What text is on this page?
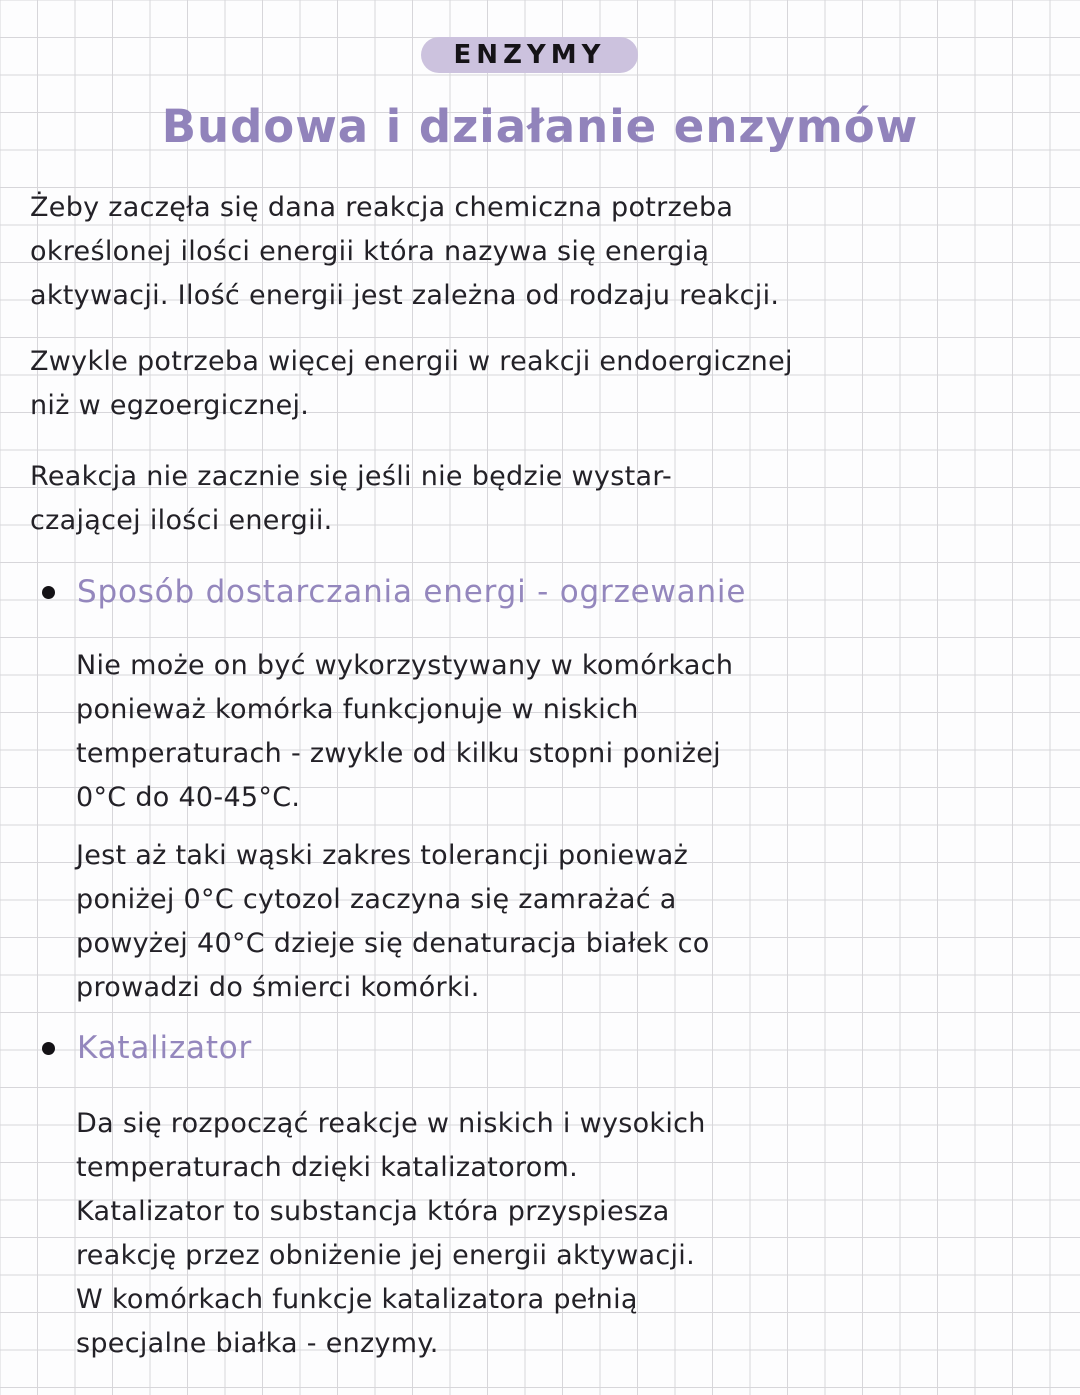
ENZYMY
Budowa i działanie enzymów
Żeby zaczęła się dana reakcja chemiczna potrzeba
określonej ilości energii która nazywa się energią
aktywacji. Ilość energii jest zależna od rodzaju reakcji.
Zwykle potrzeba więcej energii w reakcji endoergicznej
niż w egzoergicznej.
Reakcja nie zacznie się jeśli nie będzie wystar-
czającej ilości energii.
Sposób dostarczania energi - ogrzewanie
Nie może on być wykorzystywany w komórkach
ponieważ komórka funkcjonuje w niskich
temperaturach - zwykle od kilku stopni poniżej
0°C do 40-45°C.
Jest aż taki wąski zakres tolerancji ponieważ
poniżej 0°C cytozol zaczyna się zamrażać a
powyżej 40°C dzieje się denaturacja białek co
prowadzi do śmierci komórki.
Katalizator
Da się rozpocząć reakcje w niskich i wysokich
temperaturach dzięki katalizatorom.
Katalizator to substancja która przyspiesza
reakcję przez obniżenie jej energii aktywacji.
W komórkach funkcje katalizatora pełnią
specjalne białka - enzymy.
